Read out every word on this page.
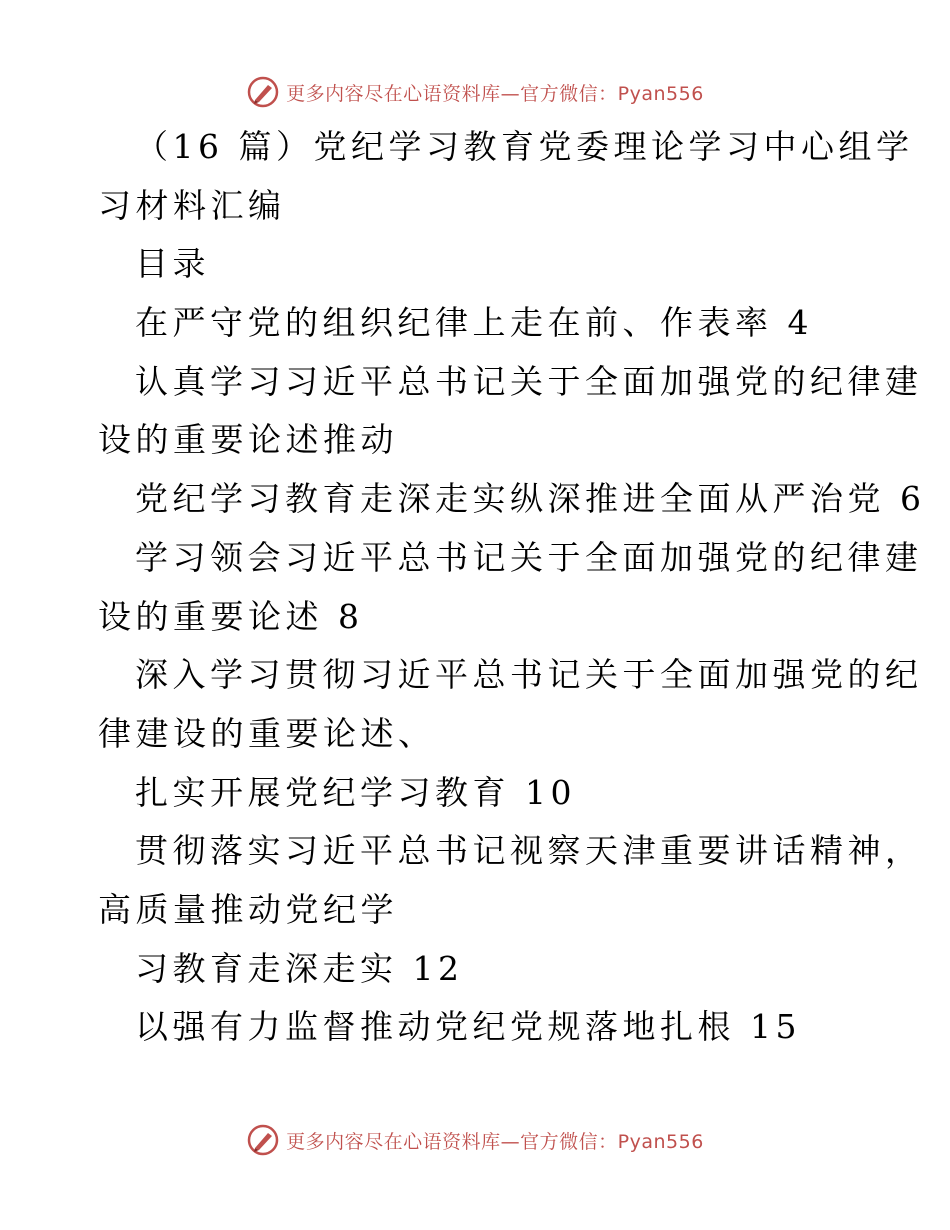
更多内容尽在心语资料库—官方微信：Pyan556
（16 篇）党纪学习教育党委理论学习中心组学
习材料汇编
目录
在严守党的组织纪律上走在前、作表率 4
认真学习习近平总书记关于全面加强党的纪律建
设的重要论述推动
党纪学习教育走深走实纵深推进全面从严治党 6
学习领会习近平总书记关于全面加强党的纪律建
设的重要论述 8
深入学习贯彻习近平总书记关于全面加强党的纪
律建设的重要论述、
扎实开展党纪学习教育 10
贯彻落实习近平总书记视察天津重要讲话精神，
高质量推动党纪学
习教育走深走实 12
以强有力监督推动党纪党规落地扎根 15
更多内容尽在心语资料库—官方微信：Pyan556
